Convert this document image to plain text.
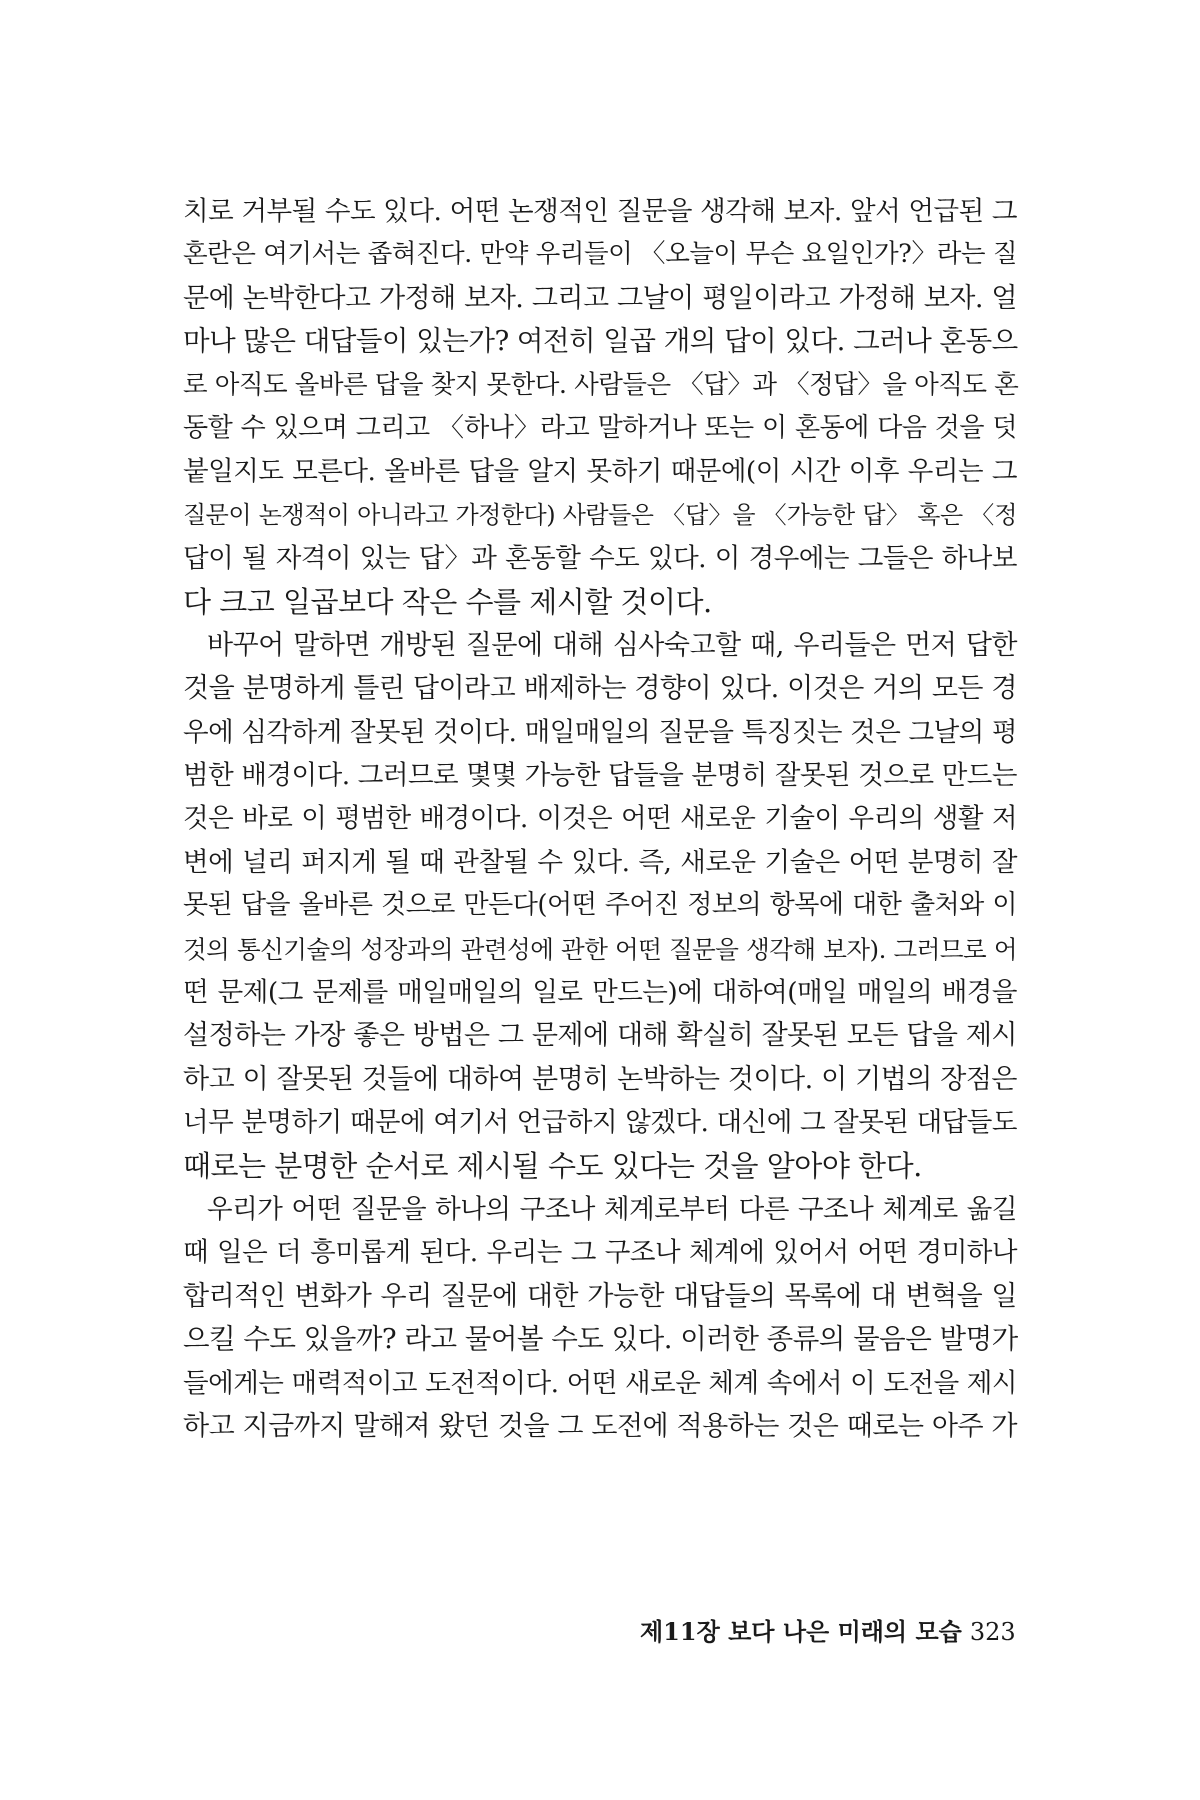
치로 거부될 수도 있다. 어떤 논쟁적인 질문을 생각해 보자. 앞서 언급된 그
혼란은 여기서는 좁혀진다. 만약 우리들이 〈오늘이 무슨 요일인가?〉라는 질
문에 논박한다고 가정해 보자. 그리고 그날이 평일이라고 가정해 보자. 얼
마나 많은 대답들이 있는가? 여전히 일곱 개의 답이 있다. 그러나 혼동으
로 아직도 올바른 답을 찾지 못한다. 사람들은 〈답〉과 〈정답〉을 아직도 혼
동할 수 있으며 그리고 〈하나〉라고 말하거나 또는 이 혼동에 다음 것을 덧
붙일지도 모른다. 올바른 답을 알지 못하기 때문에(이 시간 이후 우리는 그
질문이 논쟁적이 아니라고 가정한다) 사람들은 〈답〉을 〈가능한 답〉 혹은 〈정
답이 될 자격이 있는 답〉과 혼동할 수도 있다. 이 경우에는 그들은 하나보
다 크고 일곱보다 작은 수를 제시할 것이다.
바꾸어 말하면 개방된 질문에 대해 심사숙고할 때, 우리들은 먼저 답한
것을 분명하게 틀린 답이라고 배제하는 경향이 있다. 이것은 거의 모든 경
우에 심각하게 잘못된 것이다. 매일매일의 질문을 특징짓는 것은 그날의 평
범한 배경이다. 그러므로 몇몇 가능한 답들을 분명히 잘못된 것으로 만드는
것은 바로 이 평범한 배경이다. 이것은 어떤 새로운 기술이 우리의 생활 저
변에 널리 퍼지게 될 때 관찰될 수 있다. 즉, 새로운 기술은 어떤 분명히 잘
못된 답을 올바른 것으로 만든다(어떤 주어진 정보의 항목에 대한 출처와 이
것의 통신기술의 성장과의 관련성에 관한 어떤 질문을 생각해 보자). 그러므로 어
떤 문제(그 문제를 매일매일의 일로 만드는)에 대하여(매일 매일의 배경을
설정하는 가장 좋은 방법은 그 문제에 대해 확실히 잘못된 모든 답을 제시
하고 이 잘못된 것들에 대하여 분명히 논박하는 것이다. 이 기법의 장점은
너무 분명하기 때문에 여기서 언급하지 않겠다. 대신에 그 잘못된 대답들도
때로는 분명한 순서로 제시될 수도 있다는 것을 알아야 한다.
우리가 어떤 질문을 하나의 구조나 체계로부터 다른 구조나 체계로 옮길
때 일은 더 흥미롭게 된다. 우리는 그 구조나 체계에 있어서 어떤 경미하나
합리적인 변화가 우리 질문에 대한 가능한 대답들의 목록에 대 변혁을 일
으킬 수도 있을까? 라고 물어볼 수도 있다. 이러한 종류의 물음은 발명가
들에게는 매력적이고 도전적이다. 어떤 새로운 체계 속에서 이 도전을 제시
하고 지금까지 말해져 왔던 것을 그 도전에 적용하는 것은 때로는 아주 가
제11장 보다 나은 미래의 모습 323
